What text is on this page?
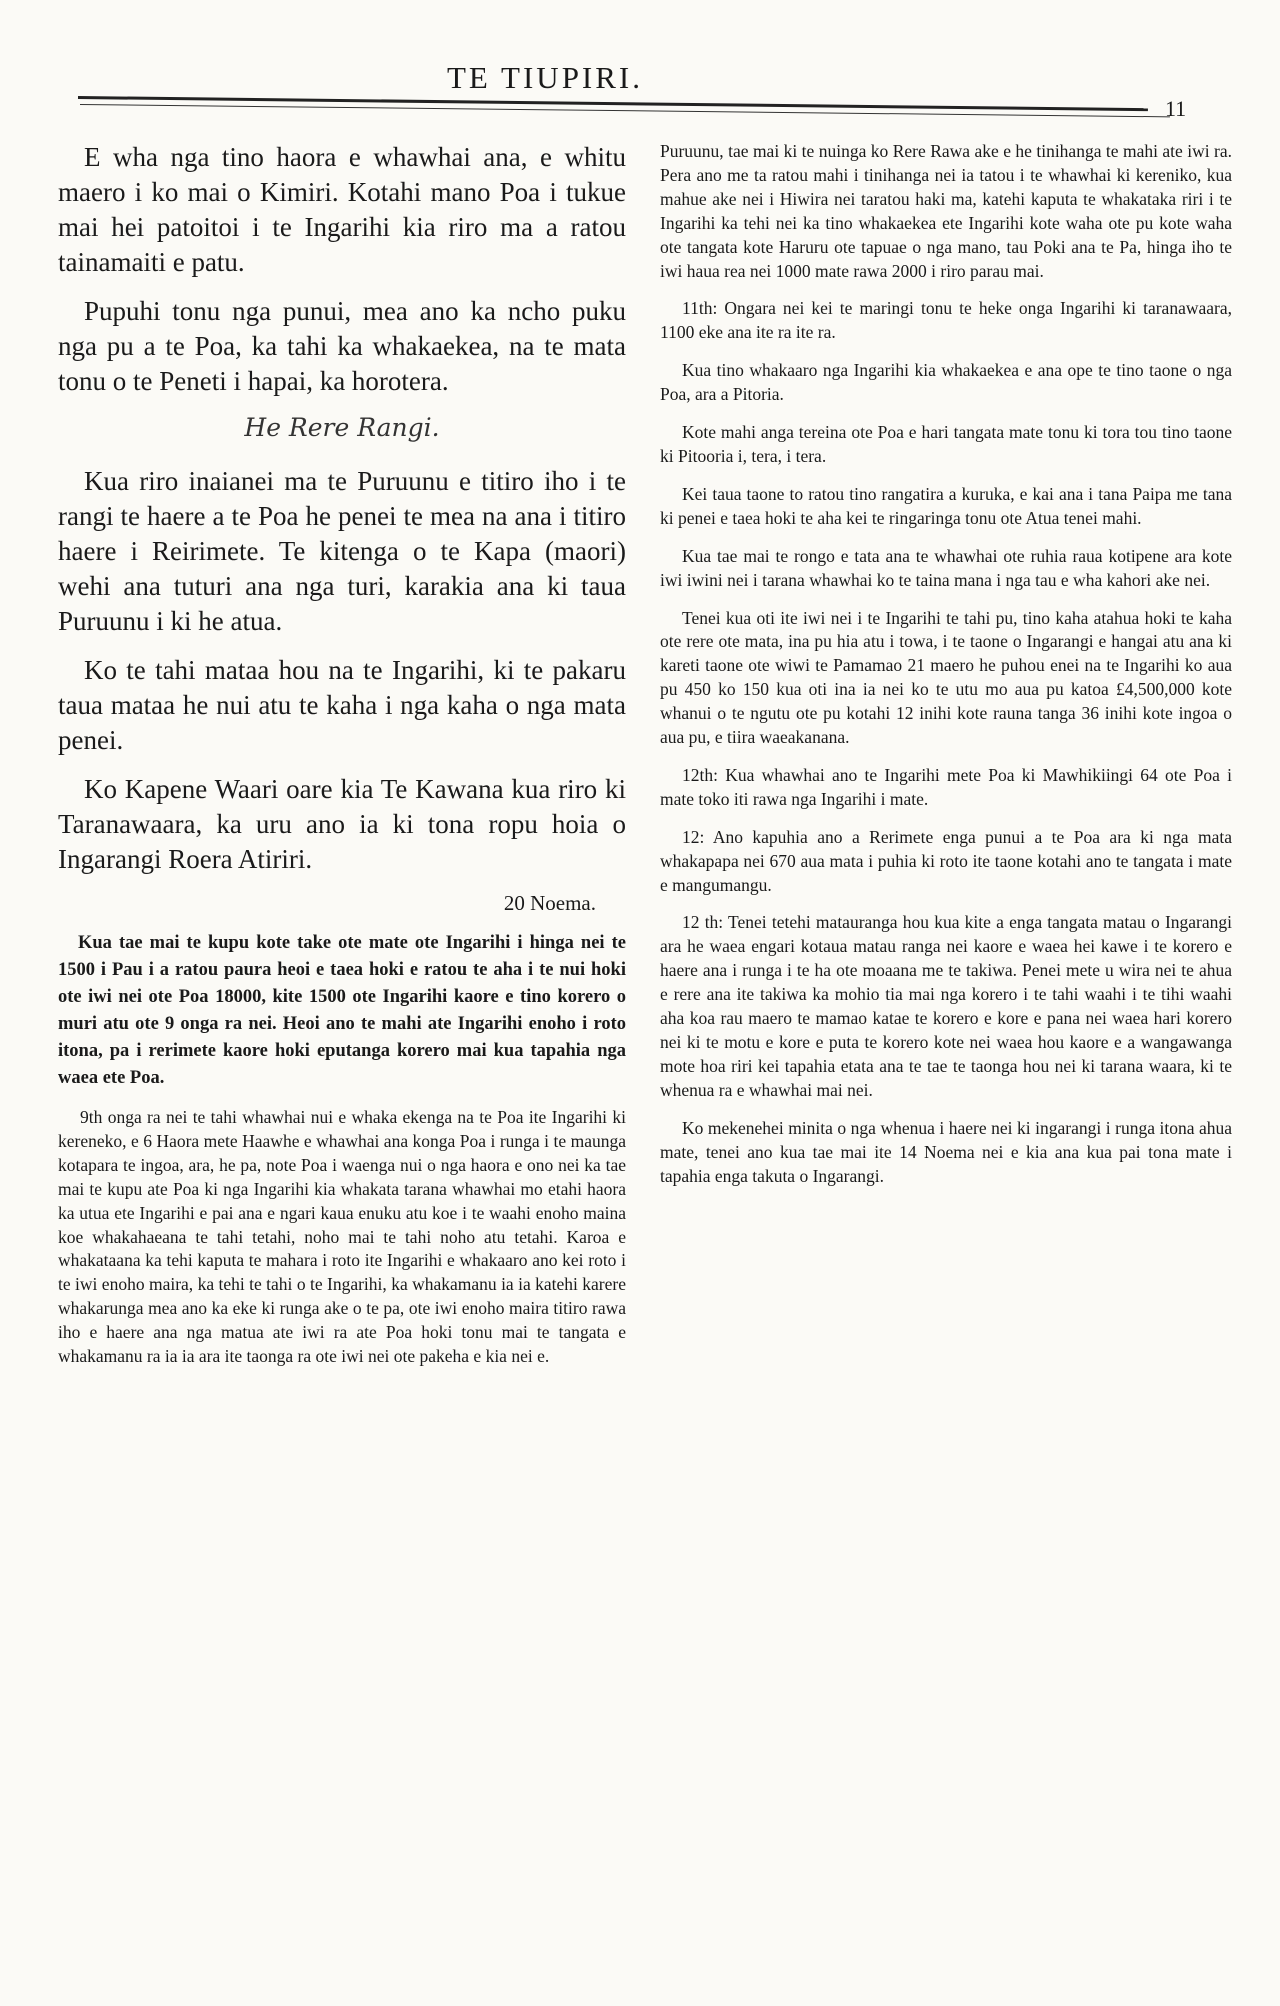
TE TIUPIRI.
11

E wha nga tino haora e whawhai ana, e whitu maero i ko mai o Kimiri. Kotahi mano Poa i tukue mai hei patoitoi i te Ingarihi kia riro ma a ratou tainamaiti e patu.

Pupuhi tonu nga punui, mea ano ka ncho puku nga pu a te Poa, ka tahi ka whakaekea, na te mata tonu o te Peneti i hapai, ka horotera.

He Rere Rangi.

Kua riro inaianei ma te Puruunu e titiro iho i te rangi te haere a te Poa he penei te mea na ana i titiro haere i Reirimete. Te kitenga o te Kapa (maori) wehi ana tuturi ana nga turi, karakia ana ki taua Puruunu i ki he atua.

Ko te tahi mataa hou na te Ingarihi, ki te pakaru taua mataa he nui atu te kaha i nga kaha o nga mata penei.

Ko Kapene Waari oare kia Te Kawana kua riro ki Taranawaara, ka uru ano ia ki tona ropu hoia o Ingarangi Roera Atiriri.

20 Noema.

Kua tae mai te kupu kote take ote mate ote Ingarihi i hinga nei te 1500 i Pau i a ratou paura heoi e taea hoki e ratou te aha i te nui hoki ote iwi nei ote Poa 18000, kite 1500 ote Ingarihi kaore e tino korero o muri atu ote 9 onga ra nei. Heoi ano te mahi ate Ingarihi enoho i roto itona, pa i rerimete kaore hoki eputanga korero mai kua tapahia nga waea ete Poa.

9th onga ra nei te tahi whawhai nui e whaka ekenga na te Poa ite Ingarihi ki kereneko, e 6 Haora mete Haawhe e whawhai ana konga Poa i runga i te maunga kotapara te ingoa, ara, he pa, note Poa i waenga nui o nga haora e ono nei ka tae mai te kupu ate Poa ki nga Ingarihi kia whakata tarana whawhai mo etahi haora ka utua ete Ingarihi e pai ana e ngari kaua enuku atu koe i te waahi enoho maina koe whakahaeana te tahi tetahi, noho mai te tahi noho atu tetahi. Karoa e whakataana ka tehi kaputa te mahara i roto ite Ingarihi e whakaaro ano kei roto i te iwi enoho maira, ka tehi te tahi o te Ingarihi, ka whakamanu ia ia katehi karere whakarunga mea ano ka eke ki runga ake o te pa, ote iwi enoho maira titiro rawa iho e haere ana nga matua ate iwi ra ate Poa hoki tonu mai te tangata e whakamanu ra ia ia ara ite taonga ra ote iwi nei ote pakeha e kia nei e.

Puruunu, tae mai ki te nuinga ko Rere Rawa ake e he tinihanga te mahi ate iwi ra. Pera ano me ta ratou mahi i tinihanga nei ia tatou i te whawhai ki kereniko, kua mahue ake nei i Hiwira nei taratou haki ma, katehi kaputa te whakataka riri i te Ingarihi ka tehi nei ka tino whakaekea ete Ingarihi kote waha ote pu kote waha ote tangata kote Haruru ote tapuae o nga mano, tau Poki ana te Pa, hinga iho te iwi haua rea nei 1000 mate rawa 2000 i riro parau mai.

11th: Ongara nei kei te maringi tonu te heke onga Ingarihi ki taranawaara, 1100 eke ana ite ra ite ra.

Kua tino whakaaro nga Ingarihi kia whakaekea e ana ope te tino taone o nga Poa, ara a Pitoria.

Kote mahi anga tereina ote Poa e hari tangata mate tonu ki tora tou tino taone ki Pitooria i, tera, i tera.

Kei taua taone to ratou tino rangatira a kuruka, e kai ana i tana Paipa me tana ki penei e taea hoki te aha kei te ringaringa tonu ote Atua tenei mahi.

Kua tae mai te rongo e tata ana te whawhai ote ruhia raua kotipene ara kote iwi iwini nei i tarana whawhai ko te taina mana i nga tau e wha kahori ake nei.

Tenei kua oti ite iwi nei i te Ingarihi te tahi pu, tino kaha atahua hoki te kaha ote rere ote mata, ina pu hia atu i towa, i te taone o Ingarangi e hangai atu ana ki kareti taone ote wiwi te Pamamao 21 maero he puhou enei na te Ingarihi ko aua pu 450 ko 150 kua oti ina ia nei ko te utu mo aua pu katoa £4,500,000 kote whanui o te ngutu ote pu kotahi 12 inihi kote rauna tanga 36 inihi kote ingoa o aua pu, e tiira waeakanana.

12th: Kua whawhai ano te Ingarihi mete Poa ki Mawhikiingi 64 ote Poa i mate toko iti rawa nga Ingarihi i mate.

12: Ano kapuhia ano a Rerimete enga punui a te Poa ara ki nga mata whakapapa nei 670 aua mata i puhia ki roto ite taone kotahi ano te tangata i mate e mangumangu.

12 th: Tenei tetehi matauranga hou kua kite a enga tangata matau o Ingarangi ara he waea engari kotaua matau ranga nei kaore e waea hei kawe i te korero e haere ana i runga i te ha ote moaana me te takiwa. Penei mete u wira nei te ahua e rere ana ite takiwa ka mohio tia mai nga korero i te tahi waahi i te tihi waahi aha koa rau maero te mamao katae te korero e kore e pana nei waea hari korero nei ki te motu e kore e puta te korero kote nei waea hou kaore e a wangawanga mote hoa riri kei tapahia etata ana te tae te taonga hou nei ki tarana waara, ki te whenua ra e whawhai mai nei.

Ko mekenehei minita o nga whenua i haere nei ki ingarangi i runga itona ahua mate, tenei ano kua tae mai ite 14 Noema nei e kia ana kua pai tona mate i tapahia enga takuta o Ingarangi.
